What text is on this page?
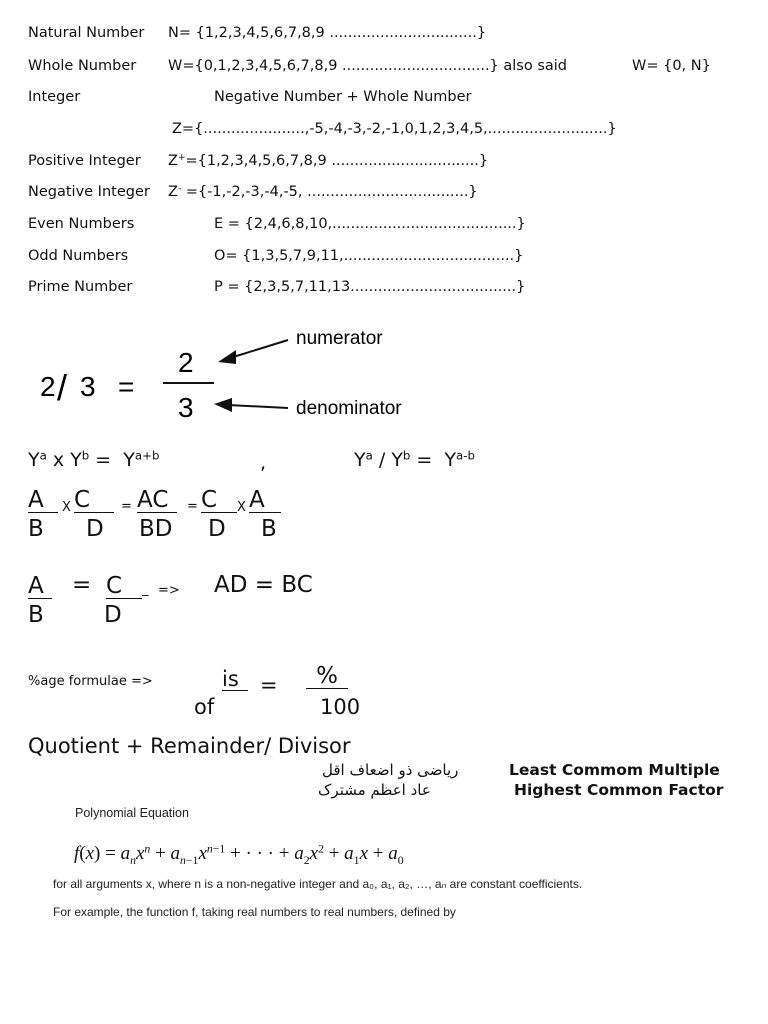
Natural Number N= {1,2,3,4,5,6,7,8,9 ................................}
Whole Number W={0,1,2,3,4,5,6,7,8,9 ................................} also said	W= {0, N}
Integer	Negative Number + Whole Number
Z={......................,-5,-4,-3,-2,-1,0,1,2,3,4,5,..........................}
Positive Integer Z+={1,2,3,4,5,6,7,8,9 ................................}
Negative Integer Z- ={-1,-2,-3,-4,-5, ...................................}
Even Numbers	E = {2,4,6,8,10,........................................}
Odd Numbers	O= {1,3,5,7,9,11,.....................................}
Prime Number	P = {2,3,5,7,11,13....................................}
2 / 3 =
2
3
numerator
denominator
$Y^a$ x $Y^b = Y^{a+b}$	,	$Y^a / Y^b = Y^{a-b}$
A
B
X C
D
= AC
BD
= C
D
X A
B
A
B
= C	_
D
=> AD = BC
%age formulae =>	is
of
=	%
100
Quotient + Remainder/ Divisor
ریاضی ذو اضعاف اقل	Least Commom Multiple
عاد اعظم مشترک	Highest Common Factor
Polynomial Equation
$f(x) = a_nx^n + a_{n-1}x^{n-1}$ + · · · + $a_2x^2 + a_1x + a_0$
for all arguments x, where n is a non-negative integer and a₀, a₁, a₂, …, aₙ are constant coefficients.
For example, the function f, taking real numbers to real numbers, defined by
